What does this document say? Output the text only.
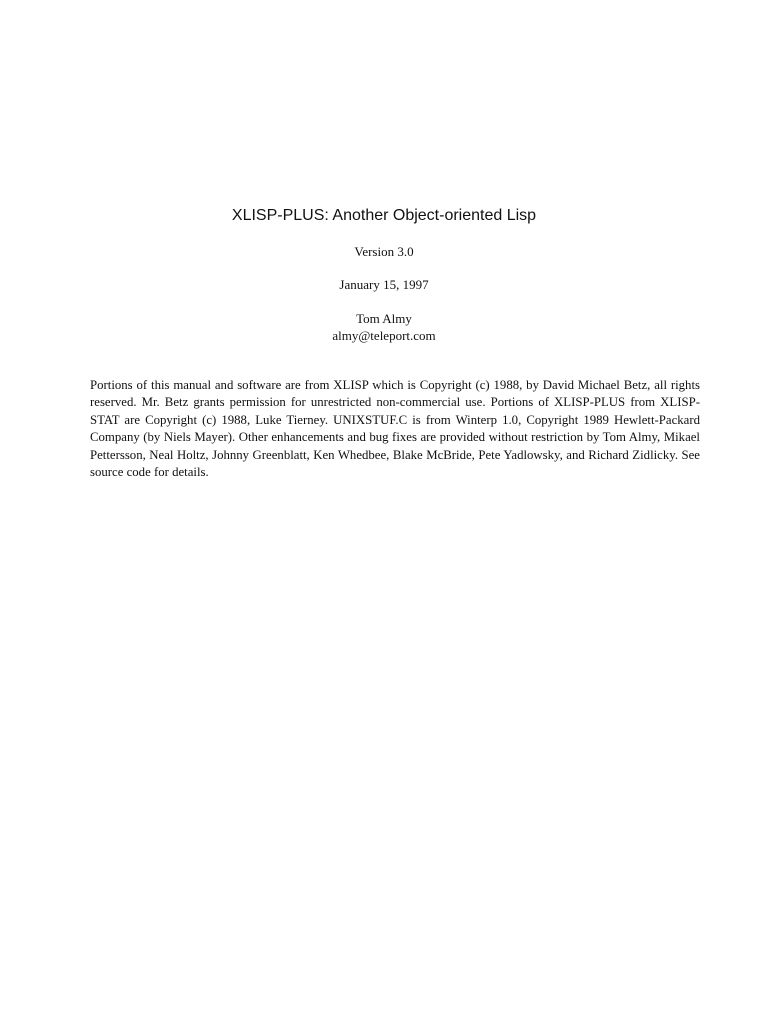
XLISP-PLUS: Another Object-oriented Lisp
Version 3.0
January 15, 1997
Tom Almy
almy@teleport.com

Portions of this manual and software are from XLISP which is Copyright (c) 1988, by David Michael Betz, all rights reserved. Mr. Betz grants permission for unrestricted non-commercial use. Portions of XLISP-PLUS from XLISP-STAT are Copyright (c) 1988, Luke Tierney. UNIXSTUF.C is from Winterp 1.0, Copyright 1989 Hewlett-Packard Company (by Niels Mayer). Other enhancements and bug fixes are provided without restriction by Tom Almy, Mikael Pettersson, Neal Holtz, Johnny Greenblatt, Ken Whedbee, Blake McBride, Pete Yadlowsky, and Richard Zidlicky. See source code for details.
